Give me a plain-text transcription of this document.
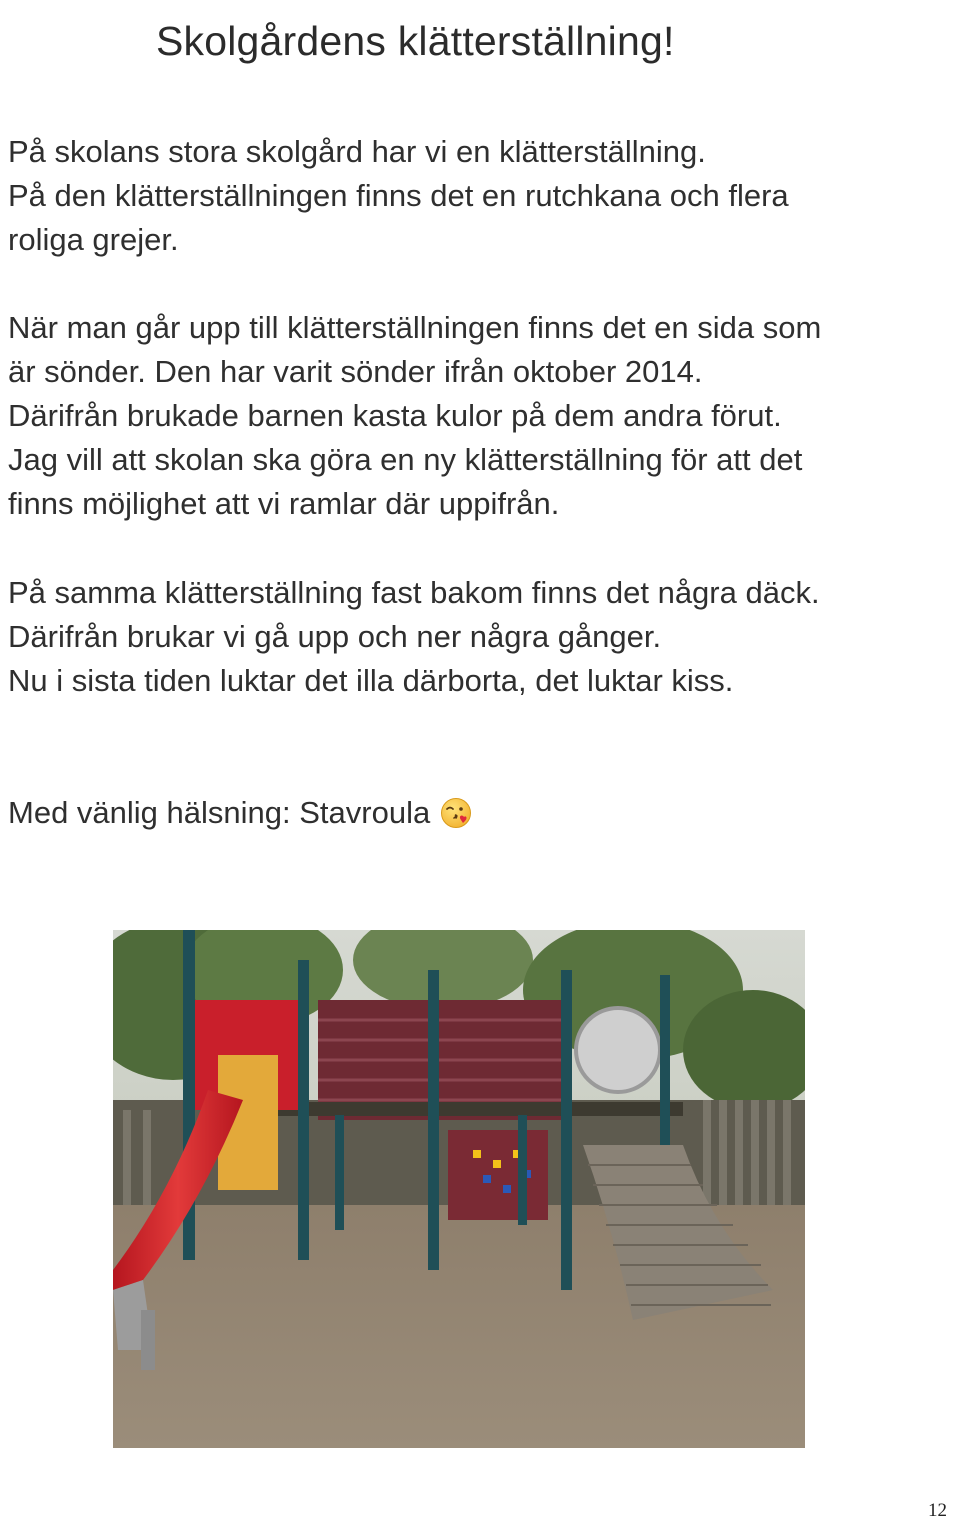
Skolgårdens klätterställning!
På skolans stora skolgård har vi en klätterställning.
På den klätterställningen finns det en rutchkana och flera
roliga grejer.
När man går upp till klätterställningen finns det en sida som
är sönder. Den har varit sönder ifrån oktober 2014.
Därifrån brukade barnen kasta kulor på dem andra förut.
Jag vill att skolan ska göra en ny klätterställning för att det
finns möjlighet att vi ramlar där uppifrån.
På samma klätterställning fast bakom finns det några däck.
Därifrån brukar vi gå upp och ner några gånger.
Nu i sista tiden luktar det illa därborta, det luktar kiss.
Med vänlig hälsning: Stavroula
12
